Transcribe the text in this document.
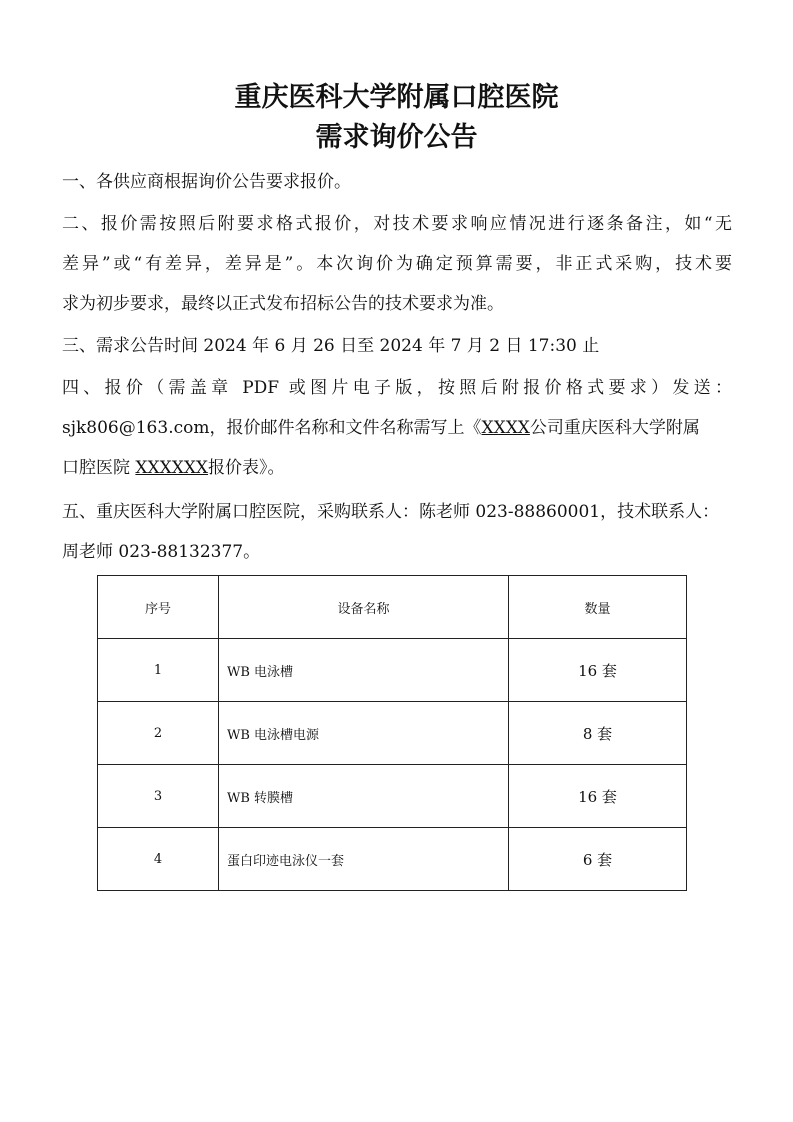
重庆医科大学附属口腔医院
需求询价公告
一、各供应商根据询价公告要求报价。
二、报价需按照后附要求格式报价，对技术要求响应情况进行逐条备注，如“无
差异”或“有差异，差异是”。本次询价为确定预算需要，非正式采购，技术要
求为初步要求，最终以正式发布招标公告的技术要求为准。
三、需求公告时间 2024 年 6 月 26 日至 2024 年 7 月 2 日 17:30 止
四、报价（需盖章 PDF 或图片电子版，按照后附报价格式要求）发送：
sjk806@163.com，报价邮件名称和文件名称需写上《XXXX公司重庆医科大学附属
口腔医院 XXXXXX报价表》。
五、重庆医科大学附属口腔医院，采购联系人：陈老师 023-88860001，技术联系人：
周老师 023-88132377。
序号	设备名称	数量
1	WB 电泳槽	16 套
2	WB 电泳槽电源	8 套
3	WB 转膜槽	16 套
4	蛋白印迹电泳仪一套	6 套
